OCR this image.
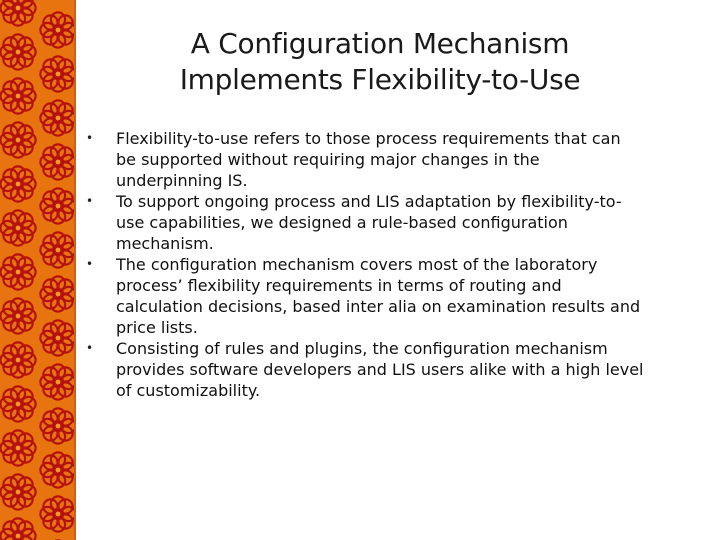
A Configuration Mechanism
Implements Flexibility-to-Use
• Flexibility-to-use refers to those process requirements that can
be supported without requiring major changes in the
underpinning IS.
• To support ongoing process and LIS adaptation by flexibility-to-
use capabilities, we designed a rule-based configuration
mechanism.
• The configuration mechanism covers most of the laboratory
process’ flexibility requirements in terms of routing and
calculation decisions, based inter alia on examination results and
price lists.
• Consisting of rules and plugins, the configuration mechanism
provides software developers and LIS users alike with a high level
of customizability.
